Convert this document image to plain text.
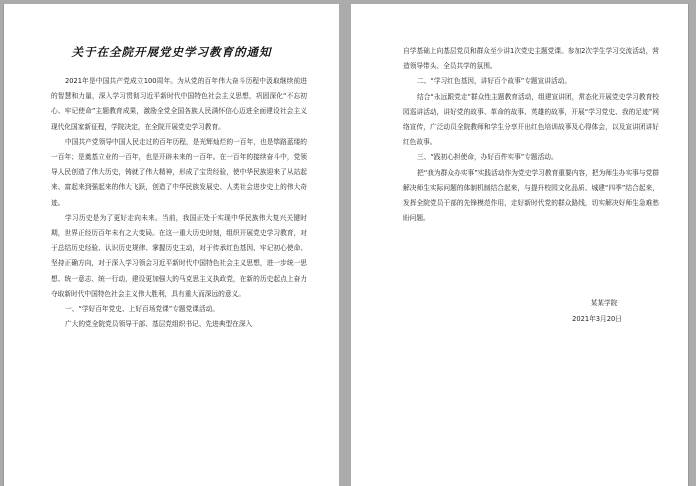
关于在全院开展党史学习教育的通知

2021年是中国共产党成立100周年。为从党的百年伟大奋斗历程中汲取继续前进的智慧和力量，深入学习贯彻习近平新时代中国特色社会主义思想，巩固深化“不忘初心、牢记使命”主题教育成果，激励全党全国各族人民满怀信心迈进全面建设社会主义现代化国家新征程，学院决定，在全院开展党史学习教育。

中国共产党领导中国人民走过的百年历程，是光辉灿烂的一百年，也是筚路蓝缕的一百年；是奠基立业的一百年，也是开辟未来的一百年。在一百年的接续奋斗中，党领导人民创造了伟大历史，铸就了伟大精神，形成了宝贵经验，使中华民族迎来了从站起来、富起来到强起来的伟大飞跃，创造了中华民族发展史、人类社会进步史上的伟大奇迹。

学习历史是为了更好走向未来。当前，我国正处于实现中华民族伟大复兴关键时期，世界正经历百年未有之大变局。在这一重大历史时刻，组织开展党史学习教育，对于总结历史经验、认识历史规律、掌握历史主动，对于传承红色基因、牢记初心使命、坚持正确方向，对于深入学习领会习近平新时代中国特色社会主义思想，进一步统一思想、统一意志、统一行动，建设更加强大的马克思主义执政党，在新的历史起点上奋力夺取新时代中国特色社会主义伟大胜利，具有重大而深远的意义。

一、“学好百年党史、上好百场党课”专题党课活动。

广大的党全院党员领导干部、基层党组织书记、先进典型在深入

自学基础上向基层党员和群众至少讲1次党史主题党课。参加2次学生学习交流活动，营造领导带头、全员共学的氛围。

二、“学习红色基因，讲好百个故事”专题宣讲活动。

结合“永远跟党走”群众性主题教育活动，组建宣讲团，常态化开展党史学习教育校园巡讲活动，讲好党的故事、革命的故事、英雄的故事，开展“学习党史、我的足迹”网络宣传，广泛动员全院教师和学生分享开出红色培训故事及心得体会，以及宣讲团讲好红色故事。

三、“践初心担使命，办好百件实事”专题活动。

把“我为群众办实事”实践活动作为党史学习教育重要内容，把为师生办实事与党群解决师生实际问题的体制机制结合起来，与提升校园文化品质、城建“四季”结合起来，发挥全院党员干部的先锋模范作用，走好新时代党的群众路线，切实解决好师生急难愁盼问题。

某某学院
2021年3月20日
